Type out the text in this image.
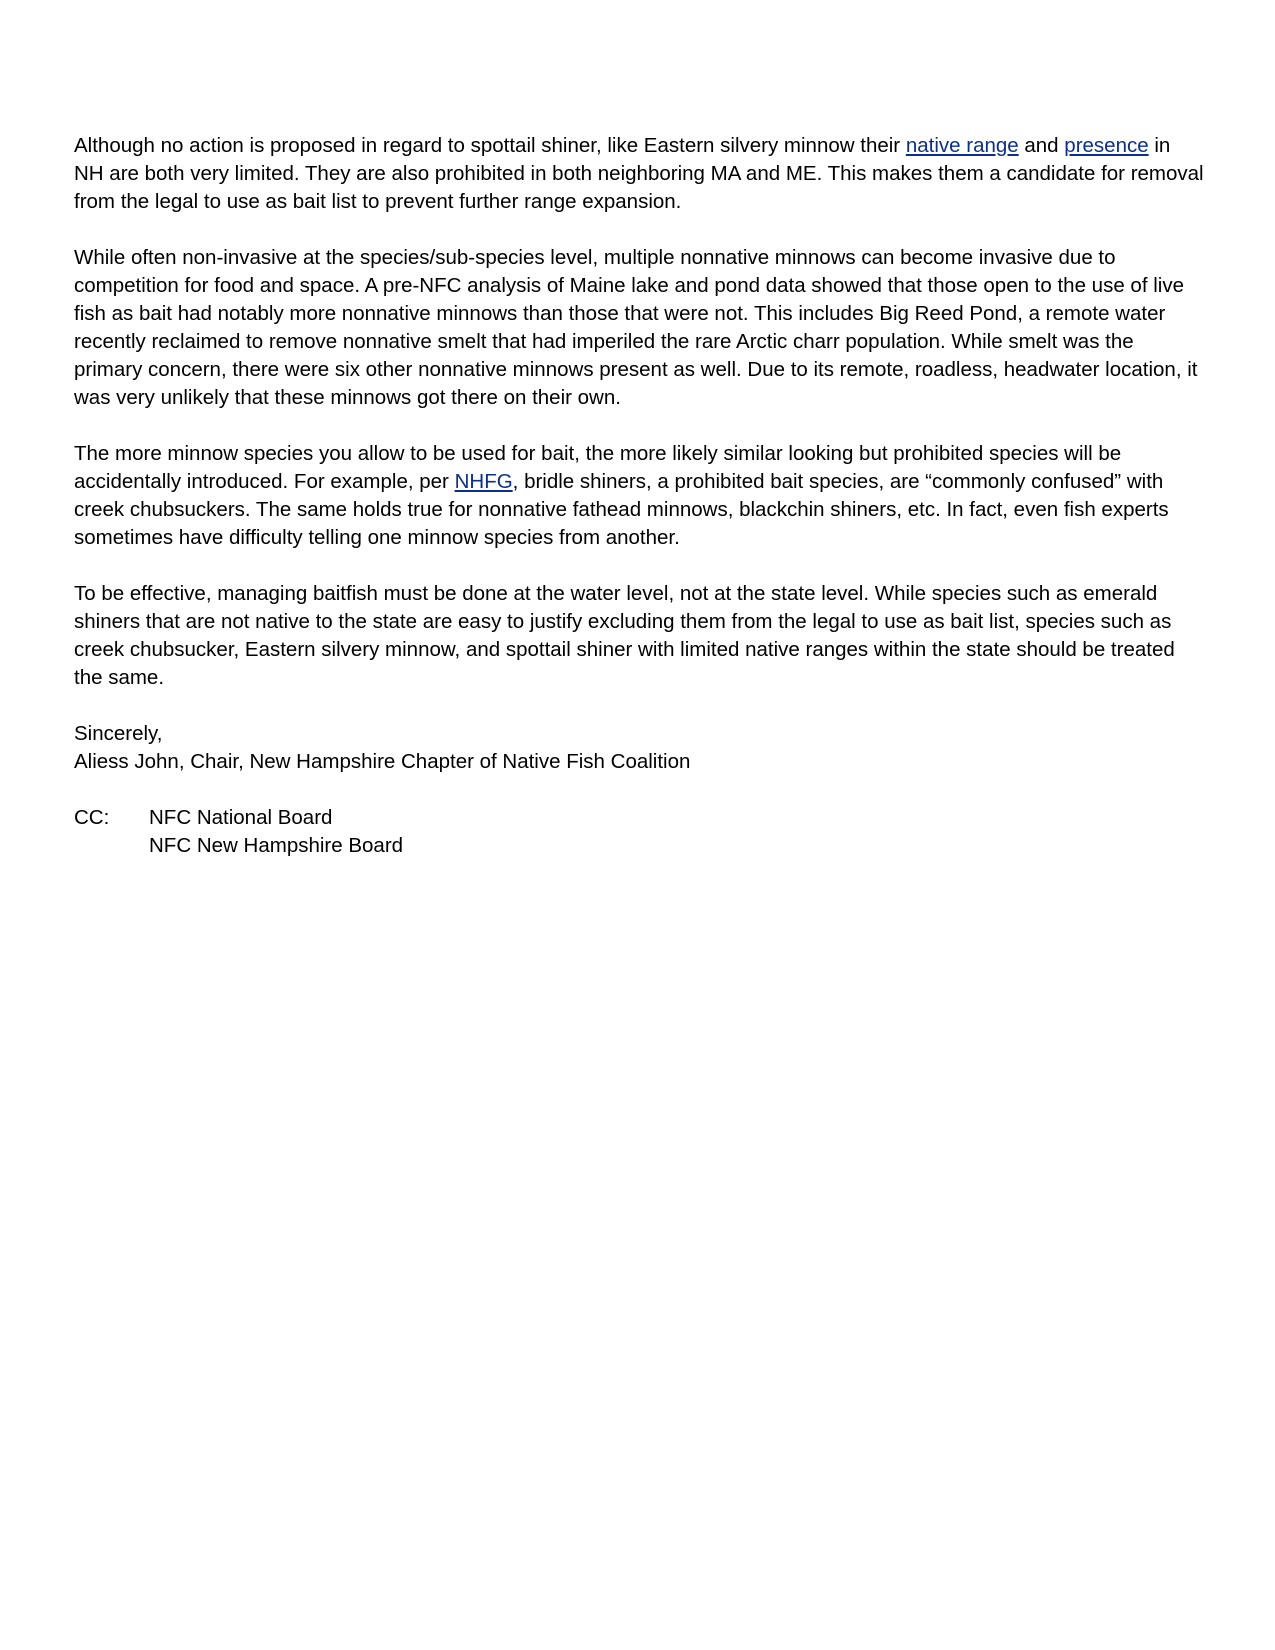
Although no action is proposed in regard to spottail shiner, like Eastern silvery minnow their native range and presence in NH are both very limited. They are also prohibited in both neighboring MA and ME. This makes them a candidate for removal from the legal to use as bait list to prevent further range expansion.

While often non-invasive at the species/sub-species level, multiple nonnative minnows can become invasive due to competition for food and space. A pre-NFC analysis of Maine lake and pond data showed that those open to the use of live fish as bait had notably more nonnative minnows than those that were not. This includes Big Reed Pond, a remote water recently reclaimed to remove nonnative smelt that had imperiled the rare Arctic charr population. While smelt was the primary concern, there were six other nonnative minnows present as well. Due to its remote, roadless, headwater location, it was very unlikely that these minnows got there on their own.

The more minnow species you allow to be used for bait, the more likely similar looking but prohibited species will be accidentally introduced. For example, per NHFG, bridle shiners, a prohibited bait species, are “commonly confused” with creek chubsuckers. The same holds true for nonnative fathead minnows, blackchin shiners, etc. In fact, even fish experts sometimes have difficulty telling one minnow species from another.

To be effective, managing baitfish must be done at the water level, not at the state level. While species such as emerald shiners that are not native to the state are easy to justify excluding them from the legal to use as bait list, species such as creek chubsucker, Eastern silvery minnow, and spottail shiner with limited native ranges within the state should be treated the same.

Sincerely,
Aliess John, Chair, New Hampshire Chapter of Native Fish Coalition
CC:	NFC National Board
NFC New Hampshire Board
